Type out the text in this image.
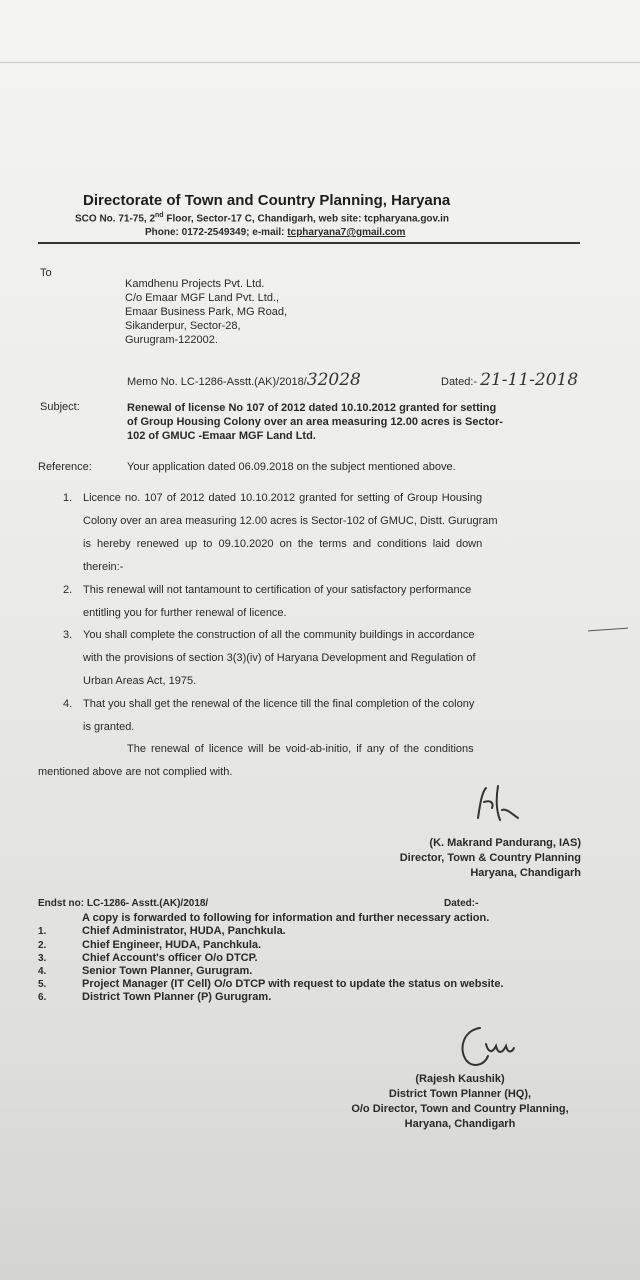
Directorate of Town and Country Planning, Haryana
SCO No. 71-75, 2nd Floor, Sector-17 C, Chandigarh, web site: tcpharyana.gov.in
Phone: 0172-2549349; e-mail: tcpharyana7@gmail.com
To
Kamdhenu Projects Pvt. Ltd.
C/o Emaar MGF Land Pvt. Ltd.,
Emaar Business Park, MG Road,
Sikanderpur, Sector-28,
Gurugram-122002.
Memo No. LC-1286-Asstt.(AK)/2018/32028	Dated:- 21-11-2018
Subject:	Renewal of license No 107 of 2012 dated 10.10.2012 granted for setting
of Group Housing Colony over an area measuring 12.00 acres is Sector-
102 of GMUC -Emaar MGF Land Ltd.
Reference:	Your application dated 06.09.2018 on the subject mentioned above.
1. Licence no. 107 of 2012 dated 10.10.2012 granted for setting of Group Housing
Colony over an area measuring 12.00 acres is Sector-102 of GMUC, Distt. Gurugram
is hereby renewed up to 09.10.2020 on the terms and conditions laid down
therein:-
2. This renewal will not tantamount to certification of your satisfactory performance
entitling you for further renewal of licence.
3. You shall complete the construction of all the community buildings in accordance
with the provisions of section 3(3)(iv) of Haryana Development and Regulation of
Urban Areas Act, 1975.
4. That you shall get the renewal of the licence till the final completion of the colony
is granted.
The renewal of licence will be void-ab-initio, if any of the conditions
mentioned above are not complied with.
(K. Makrand Pandurang, IAS)
Director, Town & Country Planning
Haryana, Chandigarh
Endst no: LC-1286- Asstt.(AK)/2018/	Dated:-
A copy is forwarded to following for information and further necessary action.
1.	Chief Administrator, HUDA, Panchkula.
2.	Chief Engineer, HUDA, Panchkula.
3.	Chief Account's officer O/o DTCP.
4.	Senior Town Planner, Gurugram.
5.	Project Manager (IT Cell) O/o DTCP with request to update the status on website.
6.	District Town Planner (P) Gurugram.
(Rajesh Kaushik)
District Town Planner (HQ),
O/o Director, Town and Country Planning,
Haryana, Chandigarh
